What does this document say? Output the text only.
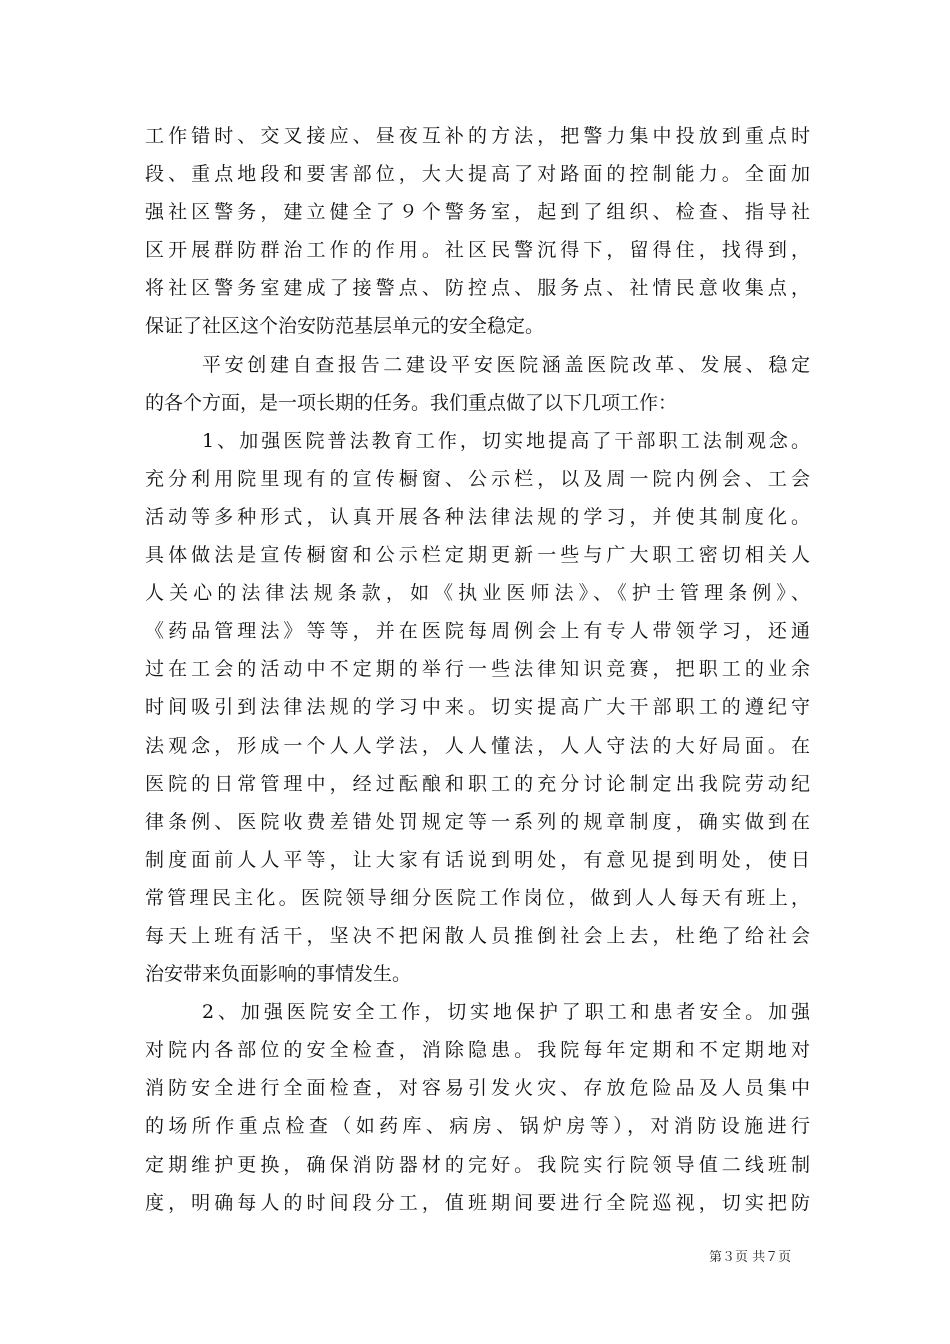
工作错时、交叉接应、昼夜互补的方法，把警力集中投放到重点时
段、重点地段和要害部位，大大提高了对路面的控制能力。全面加
强社区警务，建立健全了９个警务室，起到了组织、检查、指导社
区开展群防群治工作的作用。社区民警沉得下，留得住，找得到，
将社区警务室建成了接警点、防控点、服务点、社情民意收集点，
保证了社区这个治安防范基层单元的安全稳定。
平安创建自查报告二建设平安医院涵盖医院改革、发展、稳定
的各个方面，是一项长期的任务。我们重点做了以下几项工作：
1、加强医院普法教育工作，切实地提高了干部职工法制观念。
充分利用院里现有的宣传橱窗、公示栏，以及周一院内例会、工会
活动等多种形式，认真开展各种法律法规的学习，并使其制度化。
具体做法是宣传橱窗和公示栏定期更新一些与广大职工密切相关人
人关心的法律法规条款，如《执业医师法》、《护士管理条例》、
《药品管理法》等等，并在医院每周例会上有专人带领学习，还通
过在工会的活动中不定期的举行一些法律知识竞赛，把职工的业余
时间吸引到法律法规的学习中来。切实提高广大干部职工的遵纪守
法观念，形成一个人人学法，人人懂法，人人守法的大好局面。在
医院的日常管理中，经过酝酿和职工的充分讨论制定出我院劳动纪
律条例、医院收费差错处罚规定等一系列的规章制度，确实做到在
制度面前人人平等，让大家有话说到明处，有意见提到明处，使日
常管理民主化。医院领导细分医院工作岗位，做到人人每天有班上，
每天上班有活干，坚决不把闲散人员推倒社会上去，杜绝了给社会
治安带来负面影响的事情发生。
2、加强医院安全工作，切实地保护了职工和患者安全。加强
对院内各部位的安全检查，消除隐患。我院每年定期和不定期地对
消防安全进行全面检查，对容易引发火灾、存放危险品及人员集中
的场所作重点检查（如药库、病房、锅炉房等），对消防设施进行
定期维护更换，确保消防器材的完好。我院实行院领导值二线班制
度，明确每人的时间段分工，值班期间要进行全院巡视，切实把防
第３页 共７页
